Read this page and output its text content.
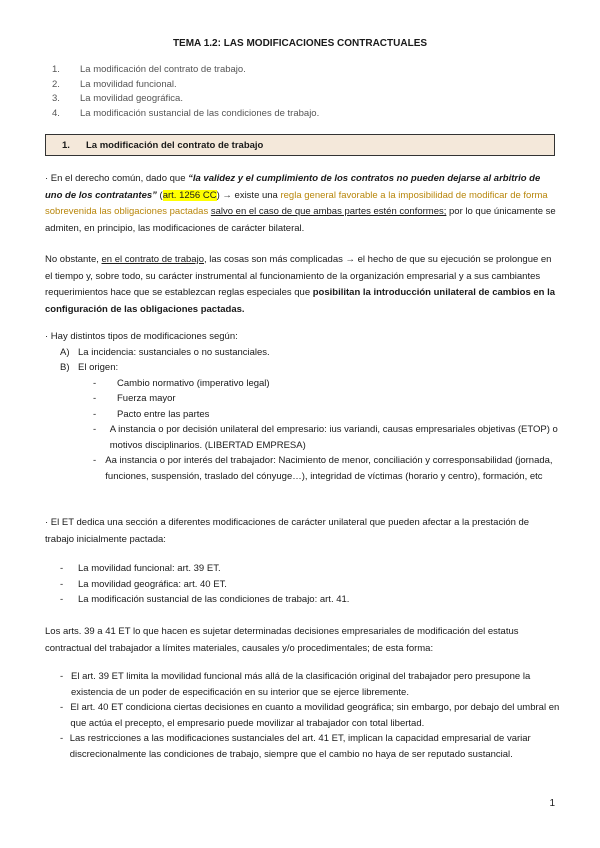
TEMA 1.2: LAS MODIFICACIONES CONTRACTUALES
1.	La modificación del contrato de trabajo.
2.	La movilidad funcional.
3.	La movilidad geográfica.
4.	La modificación sustancial de las condiciones de trabajo.
1. La modificación del contrato de trabajo
· En el derecho común, dado que “la validez y el cumplimiento de los contratos no pueden dejarse al arbitrio de uno de los contratantes” (art. 1256 CC) → existe una regla general favorable a la imposibilidad de modificar de forma sobrevenida las obligaciones pactadas salvo en el caso de que ambas partes estén conformes; por lo que únicamente se admiten, en principio, las modificaciones de carácter bilateral.
No obstante, en el contrato de trabajo, las cosas son más complicadas → el hecho de que su ejecución se prolongue en el tiempo y, sobre todo, su carácter instrumental al funcionamiento de la organización empresarial y a sus cambiantes requerimientos hace que se establezcan reglas especiales que posibilitan la introducción unilateral de cambios en la configuración de las obligaciones pactadas.
· Hay distintos tipos de modificaciones según:
A) La incidencia: sustanciales o no sustanciales.
B) El origen:
-	Cambio normativo (imperativo legal)
-	Fuerza mayor
-	Pacto entre las partes
-	A instancia o por decisión unilateral del empresario: ius variandi, causas empresariales objetivas (ETOP) o motivos disciplinarios. (LIBERTAD EMPRESA)
- Aa instancia o por interés del trabajador: Nacimiento de menor, conciliación y corresponsabilidad (jornada, funciones, suspensión, traslado del cónyuge…), integridad de víctimas (horario y centro), formación, etc
· El ET dedica una sección a diferentes modificaciones de carácter unilateral que pueden afectar a la prestación de trabajo inicialmente pactada:
-	La movilidad funcional: art. 39 ET.
-	La movilidad geográfica: art. 40 ET.
-	La modificación sustancial de las condiciones de trabajo: art. 41.
Los arts. 39 a 41 ET lo que hacen es sujetar determinadas decisiones empresariales de modificación del estatus contractual del trabajador a límites materiales, causales y/o procedimentales; de esta forma:
- El art. 39 ET limita la movilidad funcional más allá de la clasificación original del trabajador pero presupone la existencia de un poder de especificación en su interior que se ejerce libremente.
- El art. 40 ET condiciona ciertas decisiones en cuanto a movilidad geográfica; sin embargo, por debajo del umbral en que actúa el precepto, el empresario puede movilizar al trabajador con total libertad.
- Las restricciones a las modificaciones sustanciales del art. 41 ET, implican la capacidad empresarial de variar discrecionalmente las condiciones de trabajo, siempre que el cambio no haya de ser reputado sustancial.
1
